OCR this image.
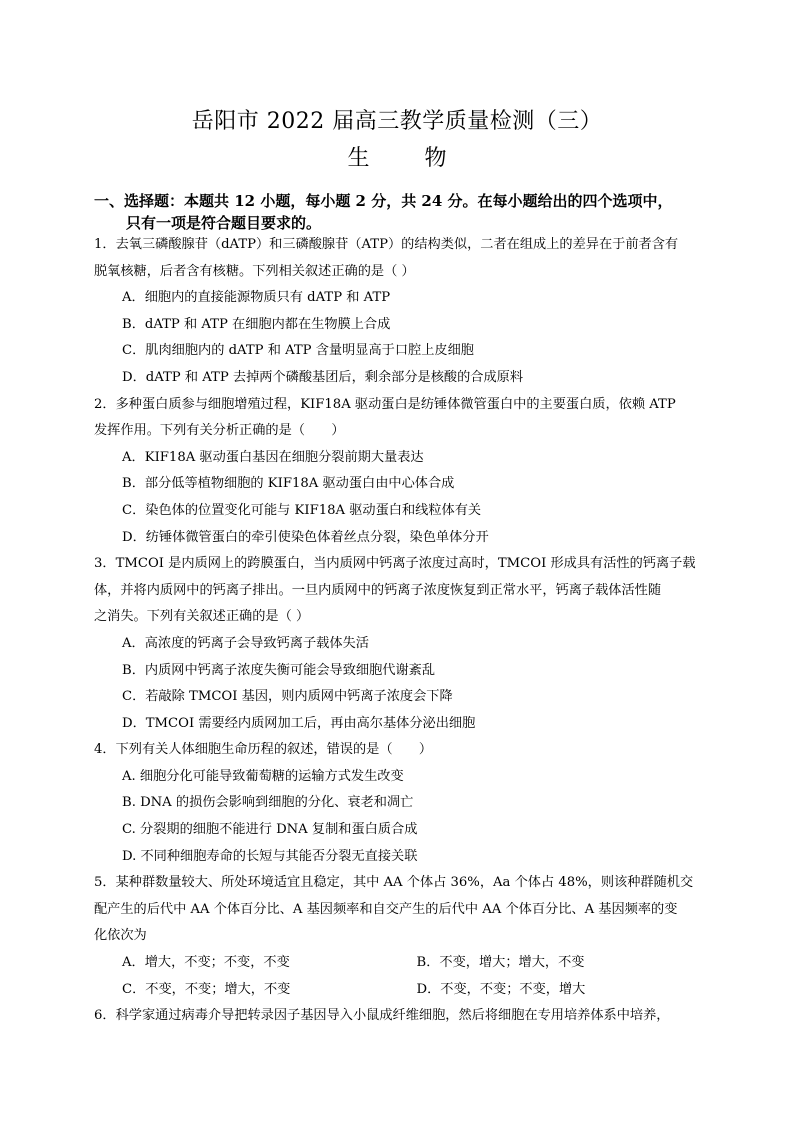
岳阳市 2022 届高三教学质量检测（三）
生 物
一、选择题：本题共 12 小题，每小题 2 分，共 24 分。在每小题给出的四个选项中，
只有一项是符合题目要求的。
1．去氧三磷酸腺苷（dATP）和三磷酸腺苷（ATP）的结构类似，二者在组成上的差异在于前者含有
脱氧核糖，后者含有核糖。下列相关叙述正确的是（ ）
A．细胞内的直接能源物质只有 dATP 和 ATP
B．dATP 和 ATP 在细胞内都在生物膜上合成
C．肌肉细胞内的 dATP 和 ATP 含量明显高于口腔上皮细胞
D．dATP 和 ATP 去掉两个磷酸基团后，剩余部分是核酸的合成原料
2．多种蛋白质参与细胞增殖过程，KIF18A 驱动蛋白是纺锤体微管蛋白中的主要蛋白质，依赖 ATP
发挥作用。下列有关分析正确的是（　　）
A．KIF18A 驱动蛋白基因在细胞分裂前期大量表达
B．部分低等植物细胞的 KIF18A 驱动蛋白由中心体合成
C．染色体的位置变化可能与 KIF18A 驱动蛋白和线粒体有关
D．纺锤体微管蛋白的牵引使染色体着丝点分裂，染色单体分开
3．TMCOI 是内质网上的跨膜蛋白，当内质网中钙离子浓度过高时，TMCOI 形成具有活性的钙离子载
体，并将内质网中的钙离子排出。一旦内质网中的钙离子浓度恢复到正常水平，钙离子载体活性随
之消失。下列有关叙述正确的是（ ）
A．高浓度的钙离子会导致钙离子载体失活
B．内质网中钙离子浓度失衡可能会导致细胞代谢紊乱
C．若敲除 TMCOI 基因，则内质网中钙离子浓度会下降
D．TMCOI 需要经内质网加工后，再由高尔基体分泌出细胞
4．下列有关人体细胞生命历程的叙述，错误的是（　　）
A. 细胞分化可能导致葡萄糖的运输方式发生改变
B. DNA 的损伤会影响到细胞的分化、衰老和凋亡
C. 分裂期的细胞不能进行 DNA 复制和蛋白质合成
D. 不同种细胞寿命的长短与其能否分裂无直接关联
5．某种群数量较大、所处环境适宜且稳定，其中 AA 个体占 36%，Aa 个体占 48%，则该种群随机交
配产生的后代中 AA 个体百分比、A 基因频率和自交产生的后代中 AA 个体百分比、A 基因频率的变
化依次为
A．增大，不变；不变，不变	B．不变，增大；增大，不变
C．不变，不变；增大，不变	D．不变，不变；不变，增大
6．科学家通过病毒介导把转录因子基因导入小鼠成纤维细胞，然后将细胞在专用培养体系中培养，
